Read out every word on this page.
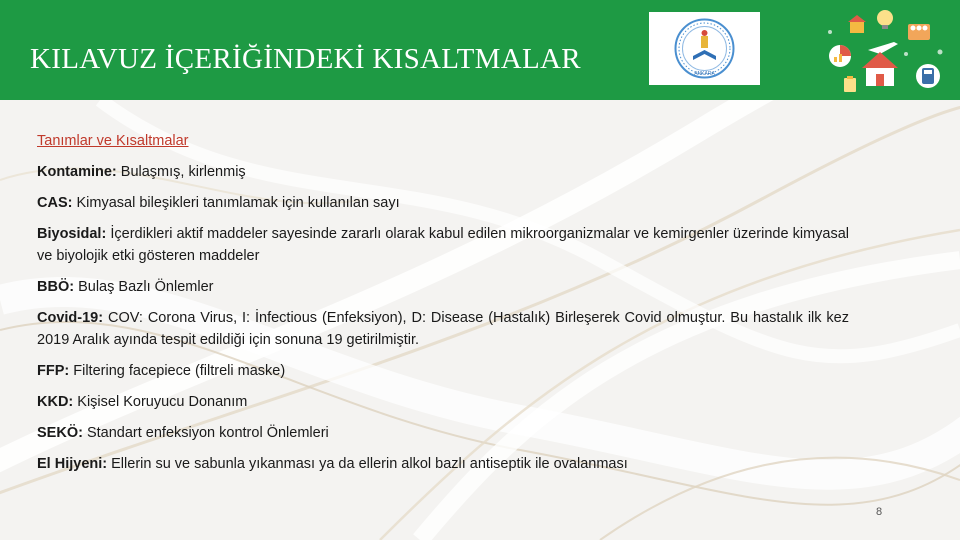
KILAVUZ İÇERİĞİNDEKİ KISALTMALAR	ANKARA

Tanımlar ve Kısaltmalar

Kontamine: Bulaşmış, kirlenmiş

CAS: Kimyasal bileşikleri tanımlamak için kullanılan sayı

Biyosidal: İçerdikleri aktif maddeler sayesinde zararlı olarak kabul edilen mikroorganizmalar ve kemirgenler üzerinde kimyasal ve biyolojik etki gösteren maddeler

BBÖ: Bulaş Bazlı Önlemler

Covid-19: COV: Corona Virus, I: İnfectious (Enfeksiyon), D: Disease (Hastalık) Birleşerek Covid olmuştur. Bu hastalık ilk kez 2019 Aralık ayında tespit edildiği için sonuna 19 getirilmiştir.

FFP: Filtering facepiece (filtreli maske)

KKD: Kişisel Koruyucu Donanım

SEKÖ: Standart enfeksiyon kontrol Önlemleri

El Hijyeni: Ellerin su ve sabunla yıkanması ya da ellerin alkol bazlı antiseptik ile ovalanması

8
